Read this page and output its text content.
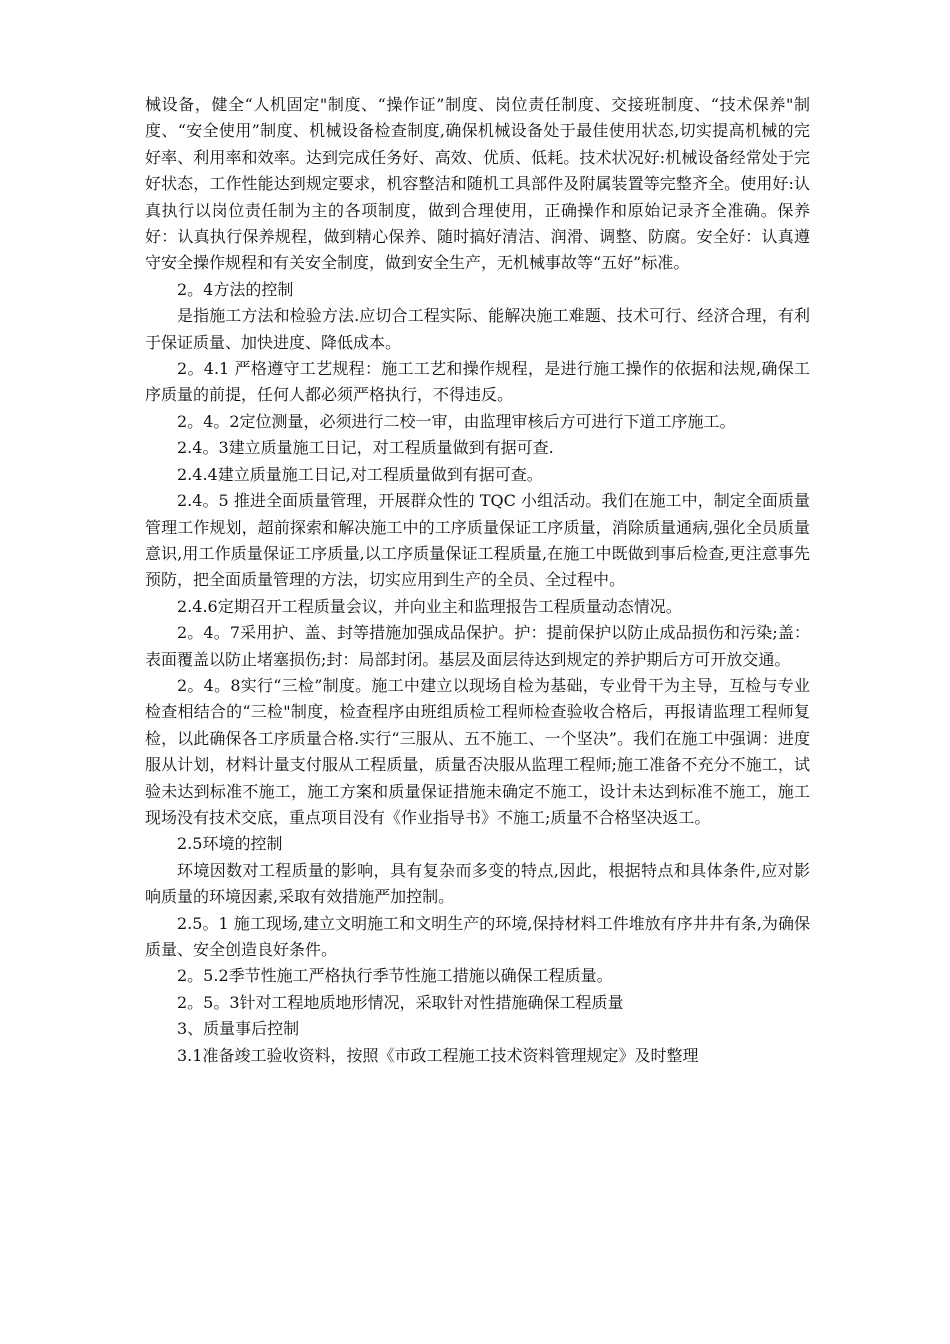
械设备，健全“人机固定"制度、“操作证”制度、岗位责任制度、交接班制度、“技术保养"制度、“安全使用”制度、机械设备检查制度,确保机械设备处于最佳使用状态,切实提高机械的完好率、利用率和效率。达到完成任务好、高效、优质、低耗。技术状况好:机械设备经常处于完好状态，工作性能达到规定要求，机容整洁和随机工具部件及附属装置等完整齐全。使用好:认真执行以岗位责任制为主的各项制度，做到合理使用，正确操作和原始记录齐全准确。保养好：认真执行保养规程，做到精心保养、随时搞好清洁、润滑、调整、防腐。安全好：认真遵守安全操作规程和有关安全制度，做到安全生产，无机械事故等“五好”标准。

2。4方法的控制

是指施工方法和检验方法.应切合工程实际、能解决施工难题、技术可行、经济合理，有利于保证质量、加快进度、降低成本。

2。4.1 严格遵守工艺规程：施工工艺和操作规程，是进行施工操作的依据和法规,确保工序质量的前提，任何人都必须严格执行，不得违反。

2。4。2定位测量，必须进行二校一审，由监理审核后方可进行下道工序施工。

2.4。3建立质量施工日记，对工程质量做到有据可查.

2.4.4建立质量施工日记,对工程质量做到有据可查。

2.4。5 推进全面质量管理，开展群众性的 TQC 小组活动。我们在施工中，制定全面质量管理工作规划，超前探索和解决施工中的工序质量保证工序质量，消除质量通病,强化全员质量意识,用工作质量保证工序质量,以工序质量保证工程质量,在施工中既做到事后检查,更注意事先预防，把全面质量管理的方法，切实应用到生产的全员、全过程中。

2.4.6定期召开工程质量会议，并向业主和监理报告工程质量动态情况。

2。4。7采用护、盖、封等措施加强成品保护。护：提前保护以防止成品损伤和污染;盖：表面覆盖以防止堵塞损伤;封：局部封闭。基层及面层待达到规定的养护期后方可开放交通。

2。4。8实行“三检”制度。施工中建立以现场自检为基础，专业骨干为主导，互检与专业检查相结合的“三检"制度，检查程序由班组质检工程师检查验收合格后，再报请监理工程师复检，以此确保各工序质量合格.实行“三服从、五不施工、一个坚决”。我们在施工中强调：进度服从计划，材料计量支付服从工程质量，质量否决服从监理工程师;施工准备不充分不施工，试验未达到标准不施工，施工方案和质量保证措施未确定不施工，设计未达到标准不施工，施工现场没有技术交底，重点项目没有《作业指导书》不施工;质量不合格坚决返工。

2.5环境的控制

环境因数对工程质量的影响，具有复杂而多变的特点,因此，根据特点和具体条件,应对影响质量的环境因素,采取有效措施严加控制。

2.5。1 施工现场,建立文明施工和文明生产的环境,保持材料工件堆放有序井井有条,为确保质量、安全创造良好条件。

2。5.2季节性施工严格执行季节性施工措施以确保工程质量。

2。5。3针对工程地质地形情况，采取针对性措施确保工程质量

3、质量事后控制

3.1准备竣工验收资料，按照《市政工程施工技术资料管理规定》及时整理
